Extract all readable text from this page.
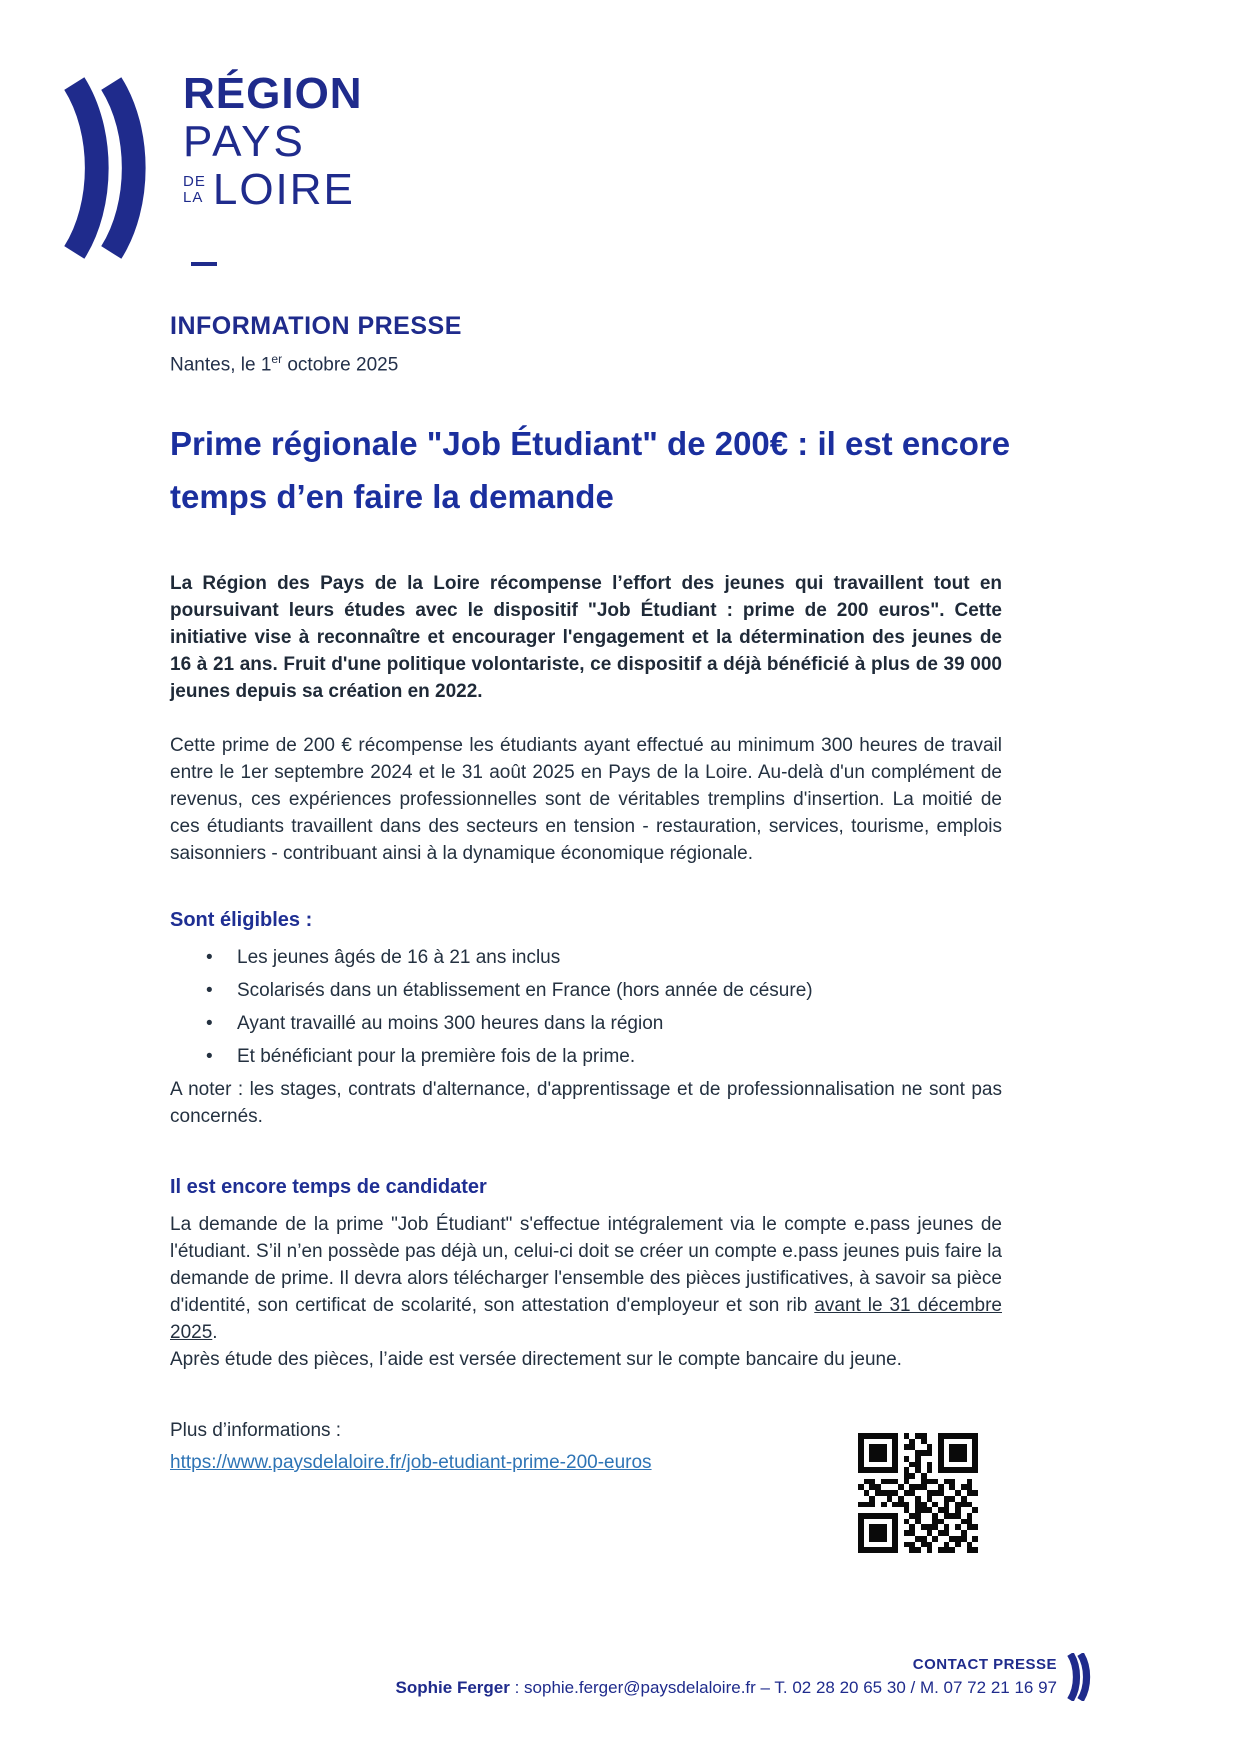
RÉGION
PAYS
DE
LA LOIRE
INFORMATION PRESSE
Nantes, le 1er octobre 2025
Prime régionale "Job Étudiant" de 200€ : il est encore
temps d’en faire la demande

La Région des Pays de la Loire récompense l’effort des jeunes qui travaillent tout en poursuivant leurs études avec le dispositif "Job Étudiant : prime de 200 euros". Cette initiative vise à reconnaître et encourager l'engagement et la détermination des jeunes de 16 à 21 ans. Fruit d'une politique volontariste, ce dispositif a déjà bénéficié à plus de 39 000 jeunes depuis sa création en 2022.

Cette prime de 200 € récompense les étudiants ayant effectué au minimum 300 heures de travail entre le 1er septembre 2024 et le 31 août 2025 en Pays de la Loire. Au-delà d'un complément de revenus, ces expériences professionnelles sont de véritables tremplins d'insertion. La moitié de ces étudiants travaillent dans des secteurs en tension - restauration, services, tourisme, emplois saisonniers - contribuant ainsi à la dynamique économique régionale.

Sont éligibles :
• Les jeunes âgés de 16 à 21 ans inclus
• Scolarisés dans un établissement en France (hors année de césure)
• Ayant travaillé au moins 300 heures dans la région
• Et bénéficiant pour la première fois de la prime.

A noter : les stages, contrats d'alternance, d'apprentissage et de professionnalisation ne sont pas concernés.

Il est encore temps de candidater

La demande de la prime "Job Étudiant" s'effectue intégralement via le compte e.pass jeunes de l'étudiant. S’il n’en possède pas déjà un, celui-ci doit se créer un compte e.pass jeunes puis faire la demande de prime. Il devra alors télécharger l'ensemble des pièces justificatives, à savoir sa pièce d'identité, son certificat de scolarité, son attestation d'employeur et son rib avant le 31 décembre 2025.

Après étude des pièces, l’aide est versée directement sur le compte bancaire du jeune.

Plus d’informations :

https://www.paysdelaloire.fr/job-etudiant-prime-200-euros
CONTACT PRESSE
Sophie Ferger : sophie.ferger@paysdelaloire.fr – T. 02 28 20 65 30 / M. 07 72 21 16 97
